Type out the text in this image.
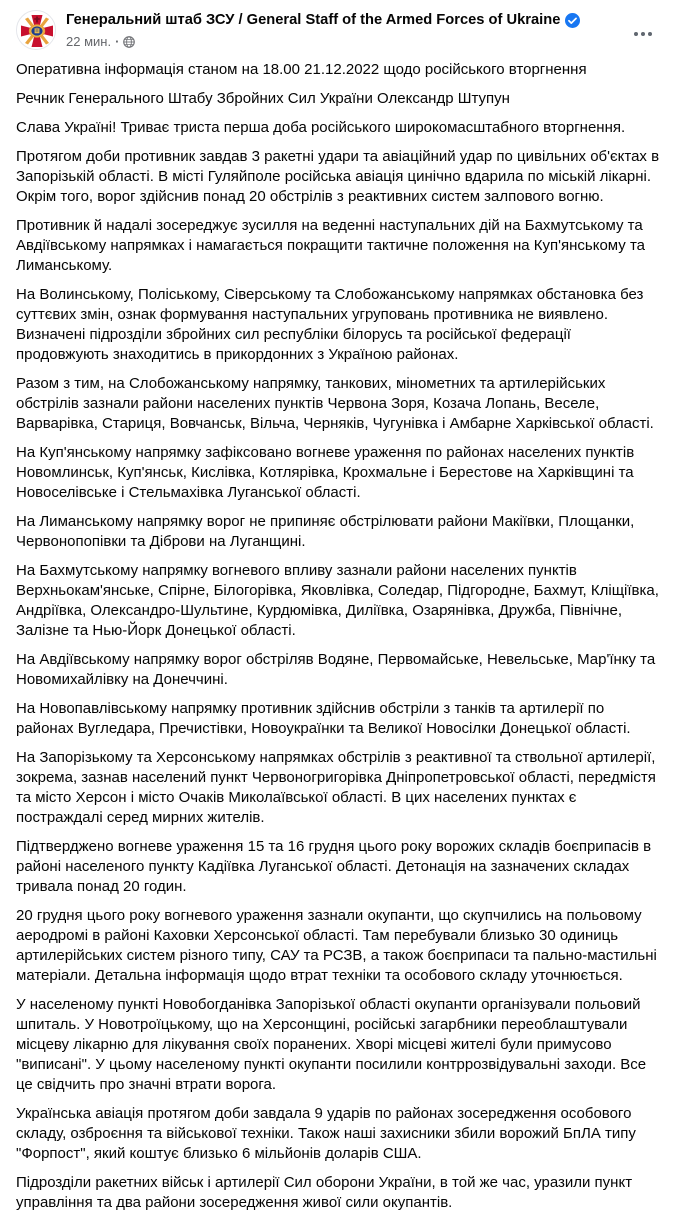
Генеральний штаб ЗСУ / General Staff of the Armed Forces of Ukraine
22 мин. ·

Оперативна інформація станом на 18.00 21.12.2022 щодо російського вторгнення

Речник Генерального Штабу Збройних Сил України Олександр Штупун

Слава Україні! Триває триста перша доба російського широкомасштабного вторгнення.

Протягом доби противник завдав 3 ракетні удари та авіаційний удар по цивільних об'єктах в Запорізькій області. В місті Гуляйполе російська авіація цинічно вдарила по міській лікарні. Окрім того, ворог здійснив понад 20 обстрілів з реактивних систем залпового вогню.

Противник й надалі зосереджує зусилля на веденні наступальних дій на Бахмутському та Авдіївському напрямках і намагається покращити тактичне положення на Куп'янському та Лиманському.

На Волинському, Поліському, Сіверському та Слобожанському напрямках обстановка без суттєвих змін, ознак формування наступальних угруповань противника не виявлено. Визначені підрозділи збройних сил республіки білорусь та російської федерації продовжують знаходитись в прикордонних з Україною районах.

Разом з тим, на Слобожанському напрямку, танкових, мінометних та артилерійських обстрілів зазнали райони населених пунктів Червона Зоря, Козача Лопань, Веселе, Варварівка, Стариця, Вовчанськ, Вільча, Черняків, Чугунівка і Амбарне Харківської області.

На Куп'янському напрямку зафіксовано вогневе ураження по районах населених пунктів Новомлинськ, Куп'янськ, Кислівка, Котлярівка, Крохмальне і Берестове на Харківщині та Новоселівське і Стельмахівка Луганської області.

На Лиманському напрямку ворог не припиняє обстрілювати райони Макіївки, Площанки, Червонопопівки та Діброви на Луганщині.

На Бахмутському напрямку вогневого впливу зазнали райони населених пунктів Верхньокам'янське, Спірне, Білогорівка, Яковлівка, Соледар, Підгородне, Бахмут, Кліщіївка, Андріївка, Олександро-Шультине, Курдюмівка, Диліївка, Озарянівка, Дружба, Північне, Залізне та Нью-Йорк Донецької області.

На Авдіївському напрямку ворог обстріляв Водяне, Первомайське, Невельське, Мар'їнку та Новомихайлівку на Донеччині.

На Новопавлівському напрямку противник здійснив обстріли з танків та артилерії по районах Вугледара, Пречистівки, Новоукраїнки та Великої Новосілки Донецької області.

На Запорізькому та Херсонському напрямках обстрілів з реактивної та ствольної артилерії, зокрема, зазнав населений пункт Червоногригорівка Дніпропетровської області, передмістя та місто Херсон і місто Очаків Миколаївської області. В цих населених пунктах є постраждалі серед мирних жителів.

Підтверджено вогневе ураження 15 та 16 грудня цього року ворожих складів боєприпасів в районі населеного пункту Кадіївка Луганської області. Детонація на зазначених складах тривала понад 20 годин.

20 грудня цього року вогневого ураження зазнали окупанти, що скупчились на польовому аеродромі в районі Каховки Херсонської області. Там перебували близько 30 одиниць артилерійських систем різного типу, САУ та РСЗВ, а також боєприпаси та пально-мастильні матеріали. Детальна інформація щодо втрат техніки та особового складу уточнюється.

У населеному пункті Новобогданівка Запорізької області окупанти організували польовий шпиталь. У Новотроїцькому, що на Херсонщині, російські загарбники переоблаштували місцеву лікарню для лікування своїх поранених. Хворі місцеві жителі були примусово "виписані". У цьому населеному пункті окупанти посилили контррозвідувальні заходи. Все це свідчить про значні втрати ворога.

Українська авіація протягом доби завдала 9 ударів по районах зосередження особового складу, озброєння та військової техніки. Також наші захисники збили ворожий БпЛА типу "Форпост", який коштує близько 6 мільйонів доларів США.

Підрозділи ракетних військ і артилерії Сил оборони України, в той же час, уразили пункт управління та два райони зосередження живої сили окупантів.
